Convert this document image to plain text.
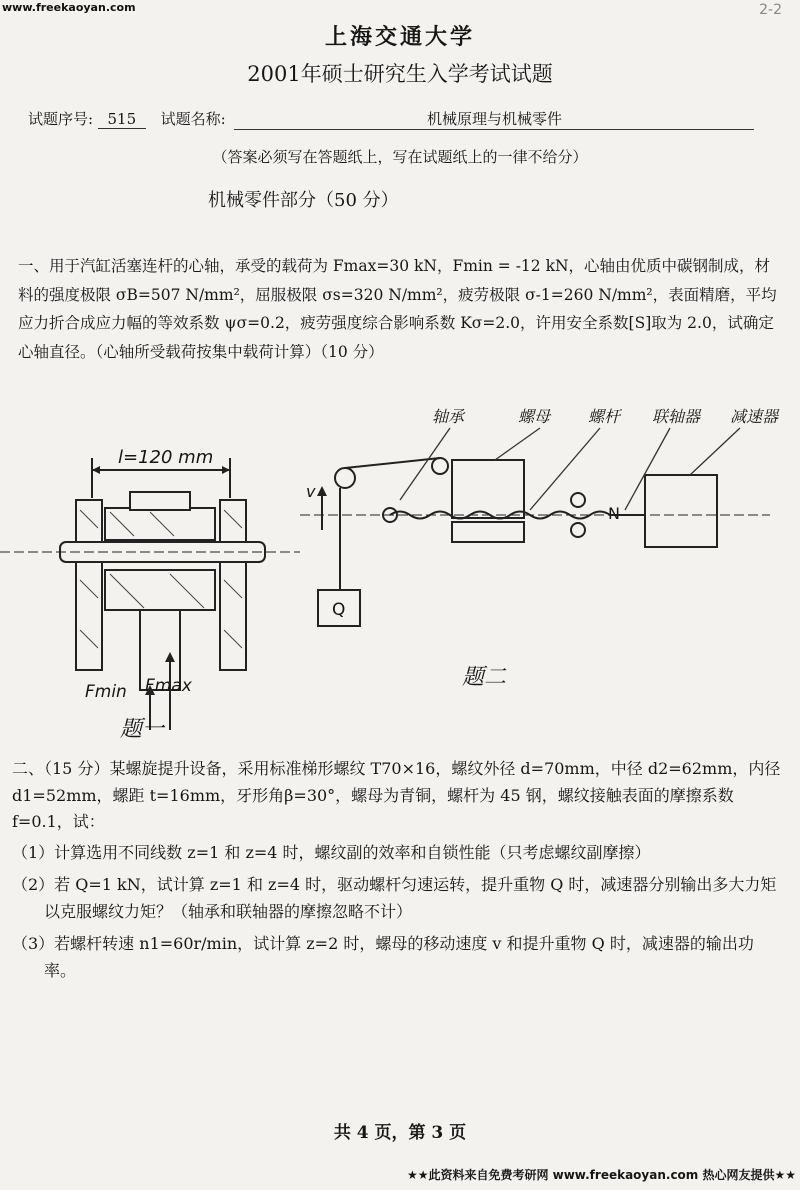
www.freekaoyan.com	2-2
上海交通大学
2001年硕士研究生入学考试试题
试题序号: 515 试题名称:	机械原理与机械零件
（答案必须写在答题纸上，写在试题纸上的一律不给分）
机械零件部分（50 分）
一、用于汽缸活塞连杆的心轴，承受的载荷为 Fmax=30 kN，Fmin = -12 kN，心轴由优质中碳钢制成，材料的强度极限 σB=507 N/mm²，屈服极限 σs=320 N/mm²，疲劳极限 σ-1=260 N/mm²，表面精磨，平均应力折合成应力幅的等效系数 ψσ=0.2，疲劳强度综合影响系数 Kσ=2.0，许用安全系数[S]取为 2.0，试确定心轴直径。（心轴所受载荷按集中载荷计算）（10 分）
l=120 mm
Fmin Fmax
题一
轴承	螺母 螺杆 联轴器 减速器
v
Q
N
题二
二、（15 分）某螺旋提升设备，采用标准梯形螺纹 T70×16，螺纹外径 d=70mm，中径 d2=62mm，内径 d1=52mm，螺距 t=16mm，牙形角β=30°，螺母为青铜，螺杆为 45 钢，螺纹接触表面的摩擦系数 f=0.1，试：
（1）计算选用不同线数 z=1 和 z=4 时，螺纹副的效率和自锁性能（只考虑螺纹副摩擦）
（2）若 Q=1 kN，试计算 z=1 和 z=4 时，驱动螺杆匀速运转，提升重物 Q 时，减速器分别输出多大力矩以克服螺纹力矩？（轴承和联轴器的摩擦忽略不计）
（3）若螺杆转速 n1=60r/min，试计算 z=2 时，螺母的移动速度 v 和提升重物 Q 时，减速器的输出功率。
共 4 页，第 3 页
★★此资料来自免费考研网 www.freekaoyan.com 热心网友提供★★
